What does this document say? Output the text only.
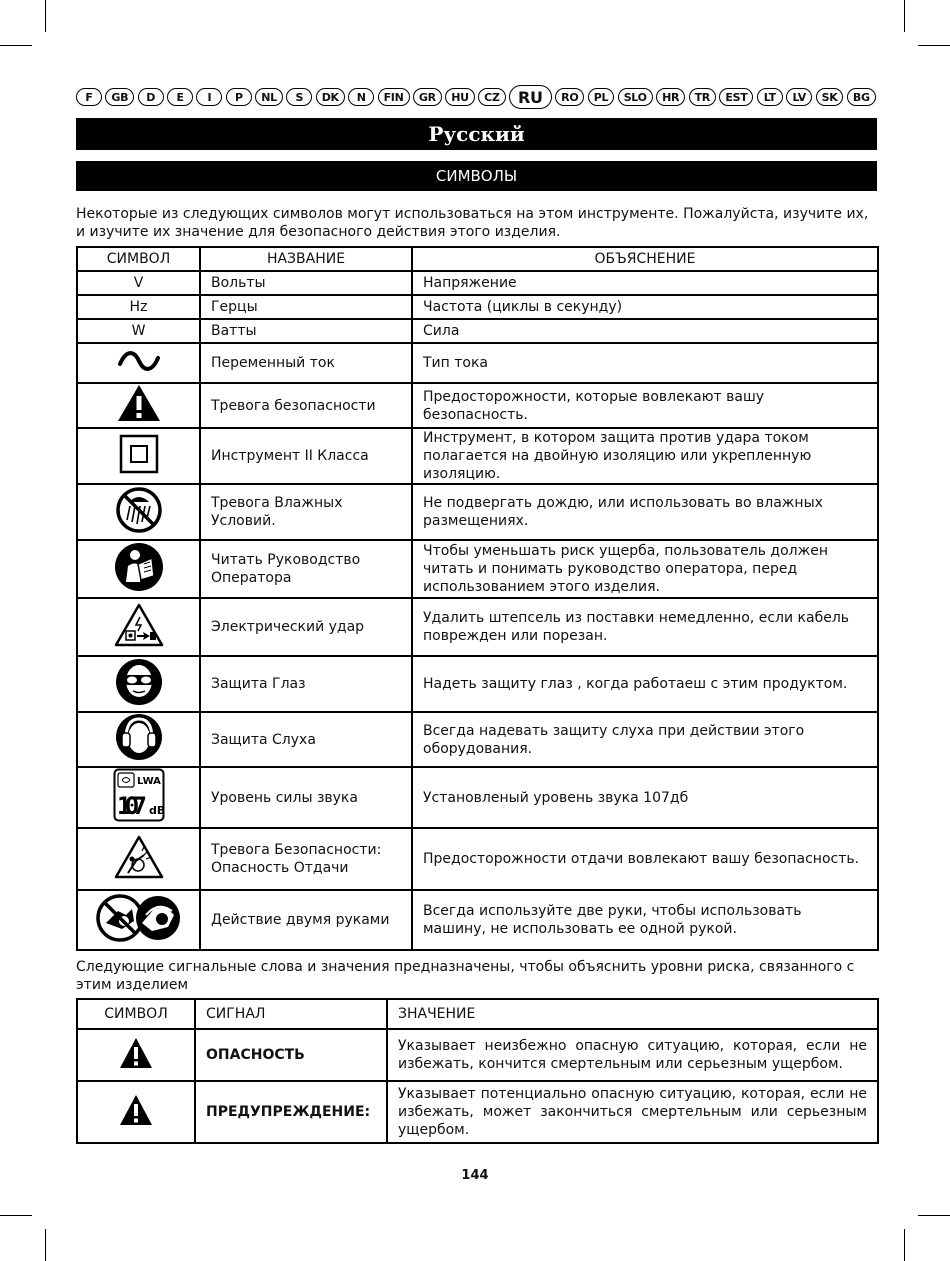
F	GB	D	E	I	P	NL	S	DK	N	FIN	GR	HU	CZ	RU	RO	PL	SLO	HR	TR	EST	LT	LV	SK	BG
Русский
СИМВОЛЫ
Некоторые из следующих символов могут использоваться на этом инструменте. Пожалуйста, изучите их, и изучите их значение для безопасного действия этого изделия.
СИМВОЛ	НАЗВАНИЕ	ОБЪЯСНЕНИЕ
V	Вольты	Напряжение
Hz	Герцы	Частота (циклы в секунду)
W	Ватты	Сила
	Переменный ток	Тип тока
	Тревога безопасности	Предосторожности, которые вовлекают вашу безопасность.
	Инструмент II Класса	Инструмент, в котором защита против удара током полагается на двойную изоляцию или укрепленную изоляцию.
	Тревога Влажных Условий.	Не подвергать дождю, или использовать во влажных размещениях.
	Читать Руководство Оператора	Чтобы уменьшать риск ущерба, пользователь должен читать и понимать руководство оператора, перед использованием этого изделия.
	Электрический удар	Удалить штепсель из поставки немедленно, если кабель поврежден или порезан.
	Защита Глаз	Надеть защиту глаз , когда работаеш с этим продуктом.
	Защита Слуха	Всегда надевать защиту слуха при действии этого оборудования.

LWA
107 dB	Уровень силы звука	Установленый уровень звука 107дб
	Тревога Безопасности: Опасность Отдачи	Предосторожности отдачи вовлекают вашу безопасность.
	Действие двумя руками	Всегда используйте две руки, чтобы использовать машину, не использовать ее одной рукой.
Следующие сигнальные слова и значения предназначены, чтобы объяснить уровни риска, связанного с этим изделием
СИМВОЛ	СИГНАЛ	ЗНАЧЕНИЕ
	ОПАСНОСТЬ	Указывает неизбежно опасную ситуацию, которая, если не избежать, кончится смертельным или серьезным ущербом.
	ПРЕДУПРЕЖДЕНИЕ:	Указывает потенциально опасную ситуацию, которая, если не избежать, может закончиться смертельным или серьезным ущербом.
144
